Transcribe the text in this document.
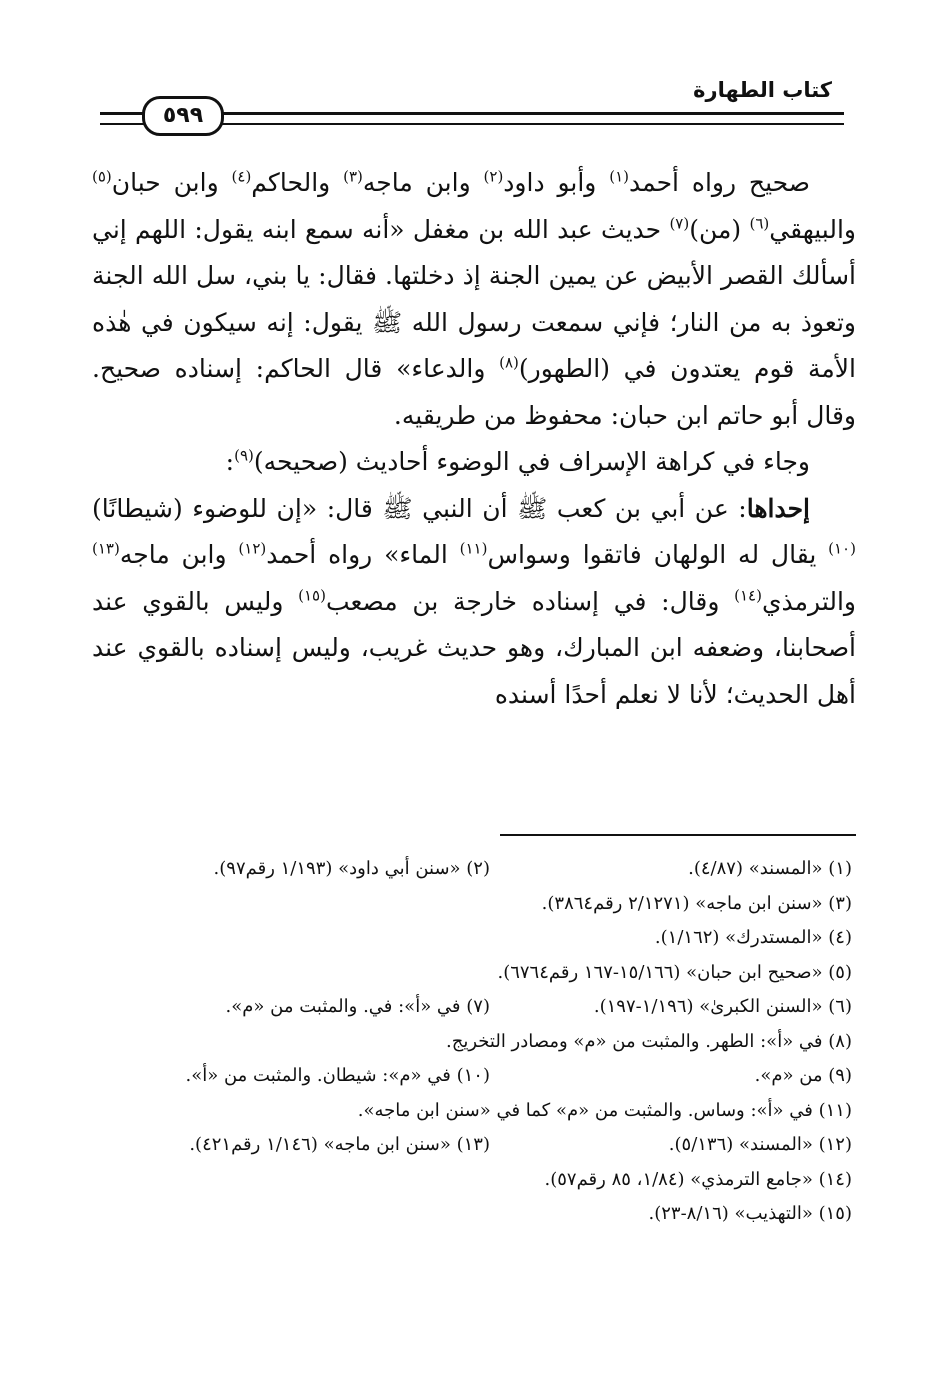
كتاب الطهارة
٥٩٩

صحيح رواه أحمد$^{(١)}$ وأبو داود$^{(٢)}$ وابن ماجه$^{(٣)}$ والحاكم$^{(٤)}$ وابن حبان$^{(٥)}$ والبيهقي$^{(٦)}$ (من)$^{(٧)}$ حديث عبد الله بن مغفل «أنه سمع ابنه يقول: اللهم إني أسألك القصر الأبيض عن يمين الجنة إذ دخلتها. فقال: يا بني، سل الله الجنة وتعوذ به من النار؛ فإني سمعت رسول الله ﷺ يقول: إنه سيكون في هٰذه الأمة قوم يعتدون في (الطهور)$^{(٨)}$ والدعاء» قال الحاكم: إسناده صحيح. وقال أبو حاتم ابن حبان: محفوظ من طريقيه.

وجاء في كراهة الإسراف في الوضوء أحاديث (صحيحه)$^{(٩)}$:

إحداها: عن أبي بن كعب ﷺ أن النبي ﷺ قال: «إن للوضوء (شيطانًا)$^{(١٠)}$ يقال له الولهان فاتقوا وسواس$^{(١١)}$ الماء» رواه أحمد$^{(١٢)}$ وابن ماجه$^{(١٣)}$ والترمذي$^{(١٤)}$ وقال: في إسناده خارجة بن مصعب$^{(١٥)}$ وليس بالقوي عند أصحابنا، وضعفه ابن المبارك، وهو حديث غريب، وليس إسناده بالقوي عند أهل الحديث؛ لأنا لا نعلم أحدًا أسنده

(١) «المسند» (٤/٨٧).
(٢) «سنن أبي داود» (١/١٩٣ رقم٩٧).
(٣) «سنن ابن ماجه» (٢/١٢٧١ رقم٣٨٦٤).
(٤) «المستدرك» (١/١٦٢).
(٥) «صحيح ابن حبان» (١٥/١٦٦-١٦٧ رقم٦٧٦٤).
(٦) «السنن الكبرىٰ» (١/١٩٦-١٩٧).
(٧) في «أ»: في. والمثبت من «م».
(٨) في «أ»: الطهر. والمثبت من «م» ومصادر التخريج.
(٩) من «م».
(١٠) في «م»: شيطان. والمثبت من «أ».
(١١) في «أ»: وساس. والمثبت من «م» كما في «سنن ابن ماجه».
(١٢) «المسند» (٥/١٣٦).
(١٣) «سنن ابن ماجه» (١/١٤٦ رقم٤٢١).
(١٤) «جامع الترمذي» (١/٨٤، ٨٥ رقم٥٧).
(١٥) «التهذيب» (٨/١٦-٢٣).
